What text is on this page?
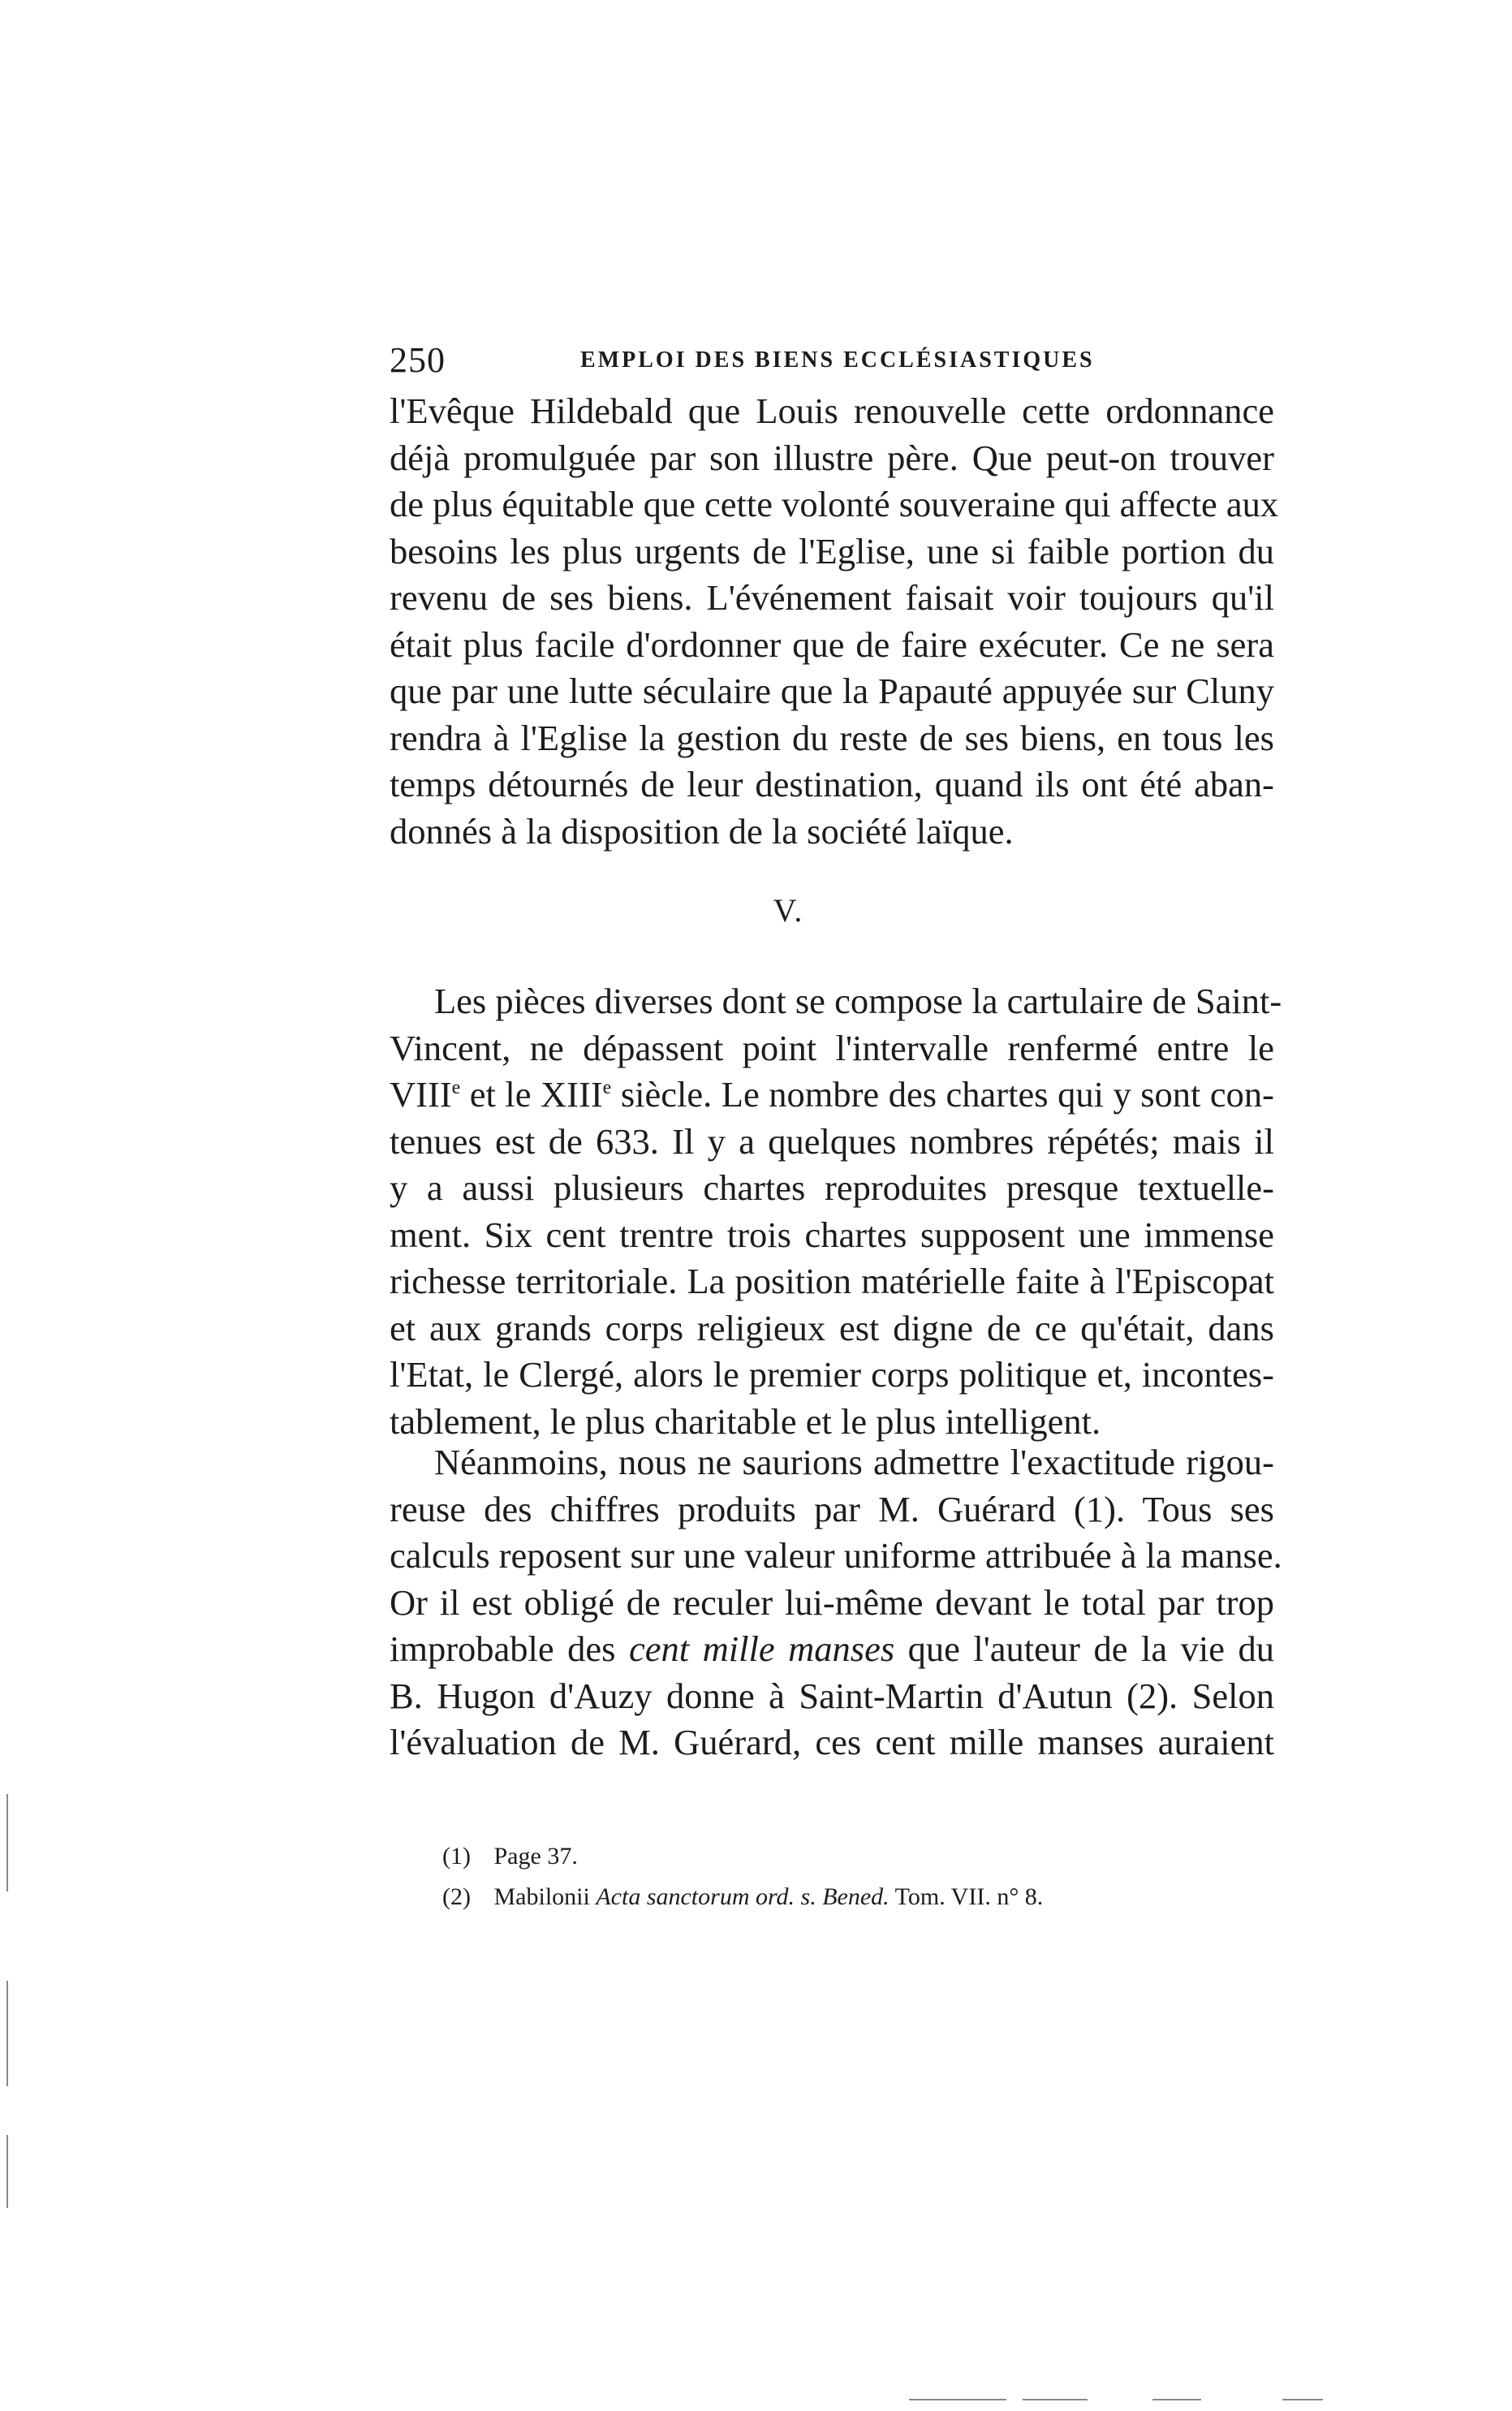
250	EMPLOI DES BIENS ECCLÉSIASTIQUES
l'Evêque Hildebald que Louis renouvelle cette ordonnance
déjà promulguée par son illustre père. Que peut-on trouver
de plus équitable que cette volonté souveraine qui affecte aux
besoins les plus urgents de l'Eglise, une si faible portion du
revenu de ses biens. L'événement faisait voir toujours qu'il
était plus facile d'ordonner que de faire exécuter. Ce ne sera
que par une lutte séculaire que la Papauté appuyée sur Cluny
rendra à l'Eglise la gestion du reste de ses biens, en tous les
temps détournés de leur destination, quand ils ont été aban-
donnés à la disposition de la société laïque.
V.
Les pièces diverses dont se compose la cartulaire de Saint-
Vincent, ne dépassent point l'intervalle renfermé entre le
VIIIe et le XIIIe siècle. Le nombre des chartes qui y sont con-
tenues est de 633. Il y a quelques nombres répétés; mais il
y a aussi plusieurs chartes reproduites presque textuelle-
ment. Six cent trentre trois chartes supposent une immense
richesse territoriale. La position matérielle faite à l'Episcopat
et aux grands corps religieux est digne de ce qu'était, dans
l'Etat, le Clergé, alors le premier corps politique et, incontes-
tablement, le plus charitable et le plus intelligent.
Néanmoins, nous ne saurions admettre l'exactitude rigou-
reuse des chiffres produits par M. Guérard (1). Tous ses
calculs reposent sur une valeur uniforme attribuée à la manse.
Or il est obligé de reculer lui-même devant le total par trop
improbable des cent mille manses que l'auteur de la vie du
B. Hugon d'Auzy donne à Saint-Martin d'Autun (2). Selon
l'évaluation de M. Guérard, ces cent mille manses auraient
(1) Page 37.
(2) Mabilonii Acta sanctorum ord. s. Bened. Tom. VII. n° 8.
